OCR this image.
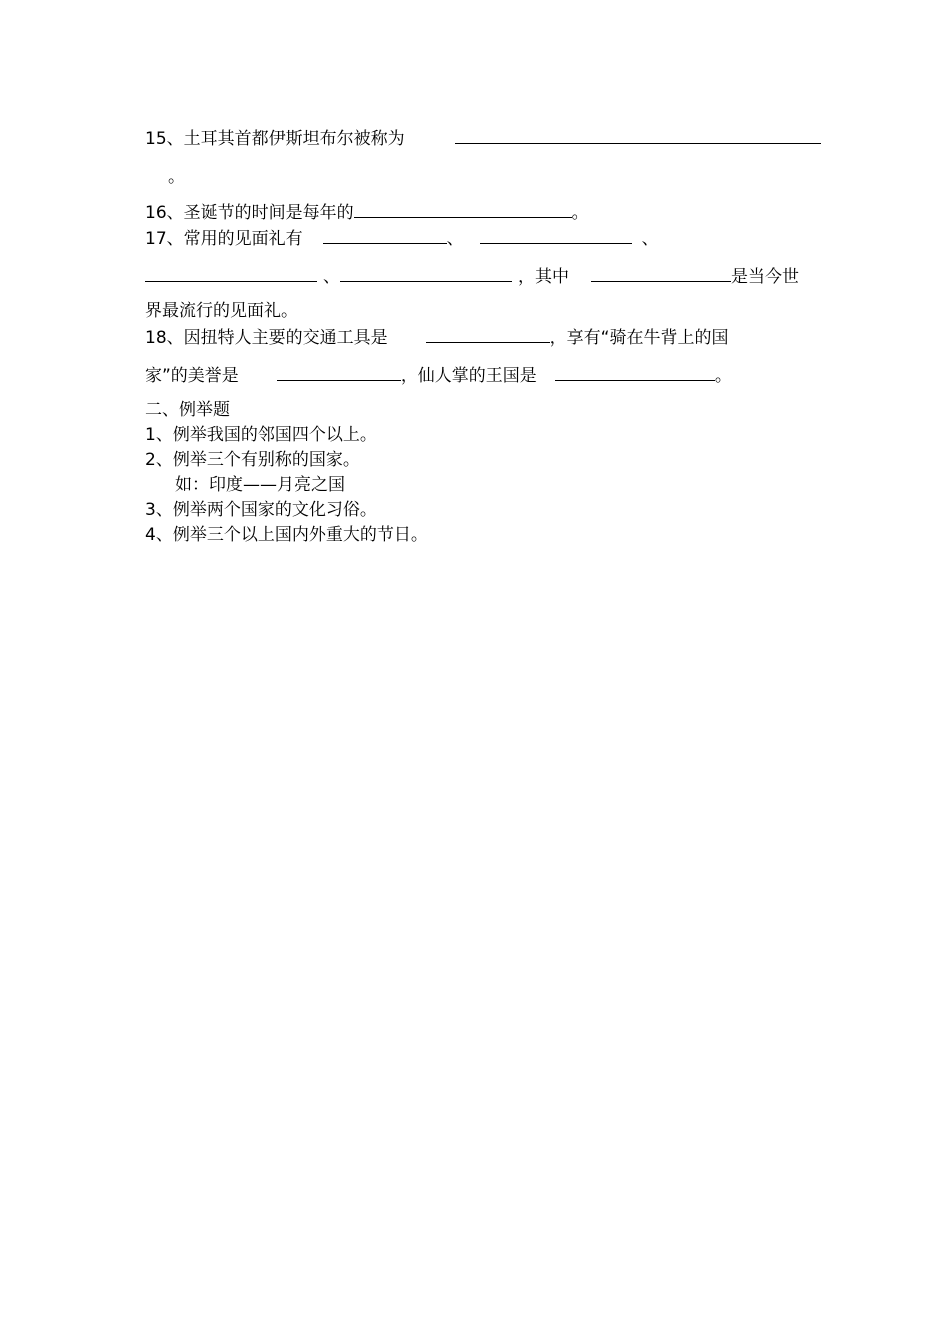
15、土耳其首都伊斯坦布尔被称为
。
16、圣诞节的时间是每年的	。
17、常用的见面礼有	、	、
、	，其中	是当今世
界最流行的见面礼。
18、因扭特人主要的交通工具是	，享有“骑在牛背上的国
家”的美誉是	，仙人掌的王国是	。
二、例举题
1、例举我国的邻国四个以上。
2、例举三个有别称的国家。
如：印度——月亮之国
3、例举两个国家的文化习俗。
4、例举三个以上国内外重大的节日。
